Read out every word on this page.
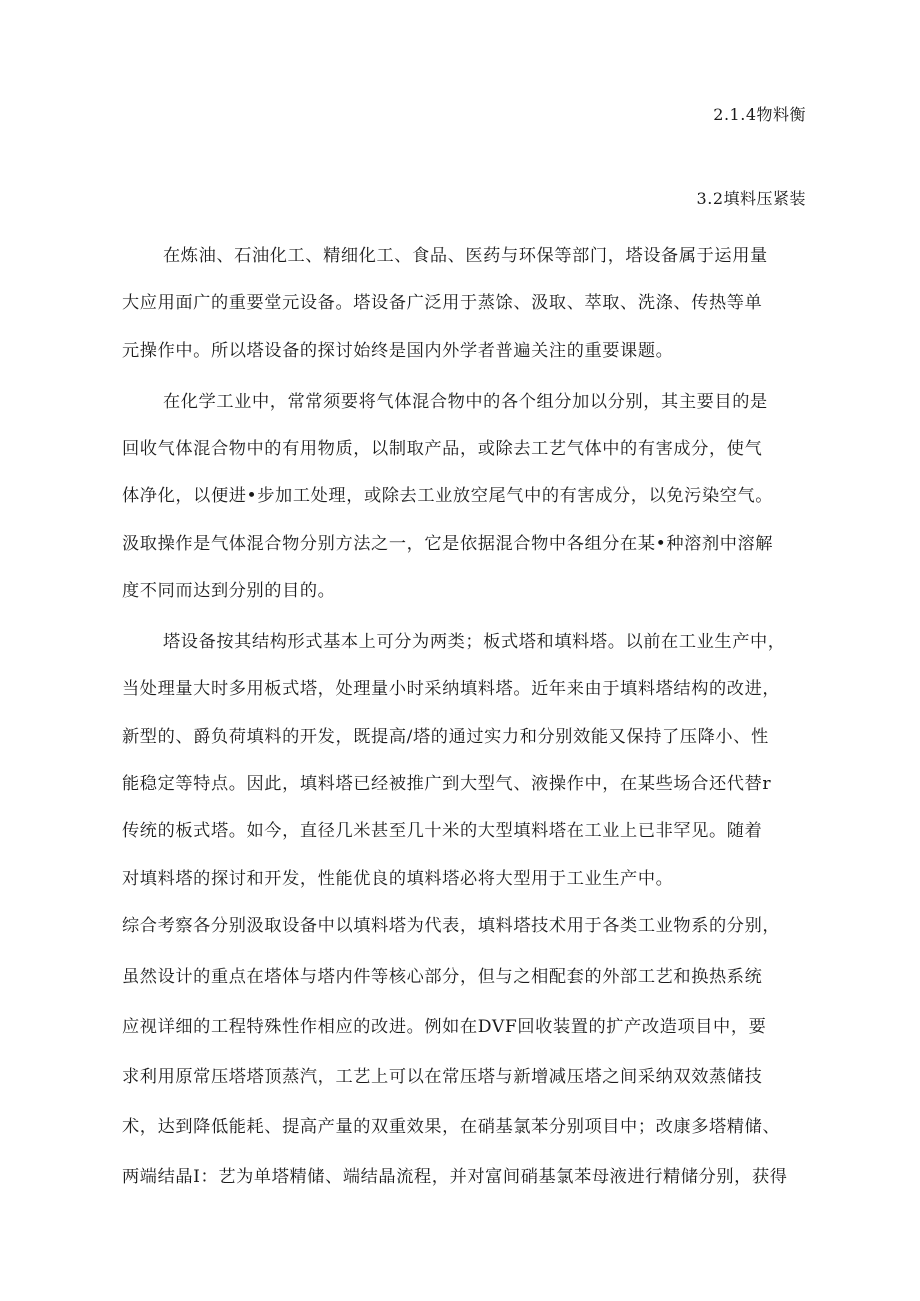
2.1.4物料衡
3.2填料压紧装
在炼油、石油化工、精细化工、食品、医药与环保等部门，塔设备属于运用量
大应用面广的重要堂元设备。塔设备广泛用于蒸馀、汲取、萃取、洗涤、传热等单
元操作中。所以塔设备的探讨始终是国内外学者普遍关注的重要课题。
在化学工业中，常常须要将气体混合物中的各个组分加以分别，其主要目的是
回收气体混合物中的有用物质，以制取产品，或除去工艺气体中的有害成分，使气
体净化，以便进•步加工处理，或除去工业放空尾气中的有害成分，以免污染空气。
汲取操作是气体混合物分别方法之一，它是依据混合物中各组分在某•种溶剂中溶解
度不同而达到分别的目的。
塔设备按其结构形式基本上可分为两类；板式塔和填料塔。以前在工业生产中，
当处理量大时多用板式塔，处理量小时采纳填料塔。近年来由于填料塔结构的改进，
新型的、爵负荷填料的开发，既提高/塔的通过实力和分别效能又保持了压降小、性
能稳定等特点。因此，填料塔已经被推广到大型气、液操作中，在某些场合还代替r
传统的板式塔。如今，直径几米甚至几十米的大型填料塔在工业上已非罕见。随着
对填料塔的探讨和开发，性能优良的填料塔必将大型用于工业生产中。
综合考察各分别汲取设备中以填料塔为代表，填料塔技术用于各类工业物系的分别，
虽然设计的重点在塔体与塔内件等核心部分，但与之相配套的外部工艺和换热系统
应视详细的工程特殊性作相应的改进。例如在DVF回收装置的扩产改造项目中，要
求利用原常压塔塔顶蒸汽，工艺上可以在常压塔与新增减压塔之间采纳双效蒸储技
术，达到降低能耗、提高产量的双重效果，在硝基氯苯分别项目中；改康多塔精储、
两端结晶I：艺为单塔精储、端结晶流程，并对富间硝基氯苯母液进行精储分别，获得
